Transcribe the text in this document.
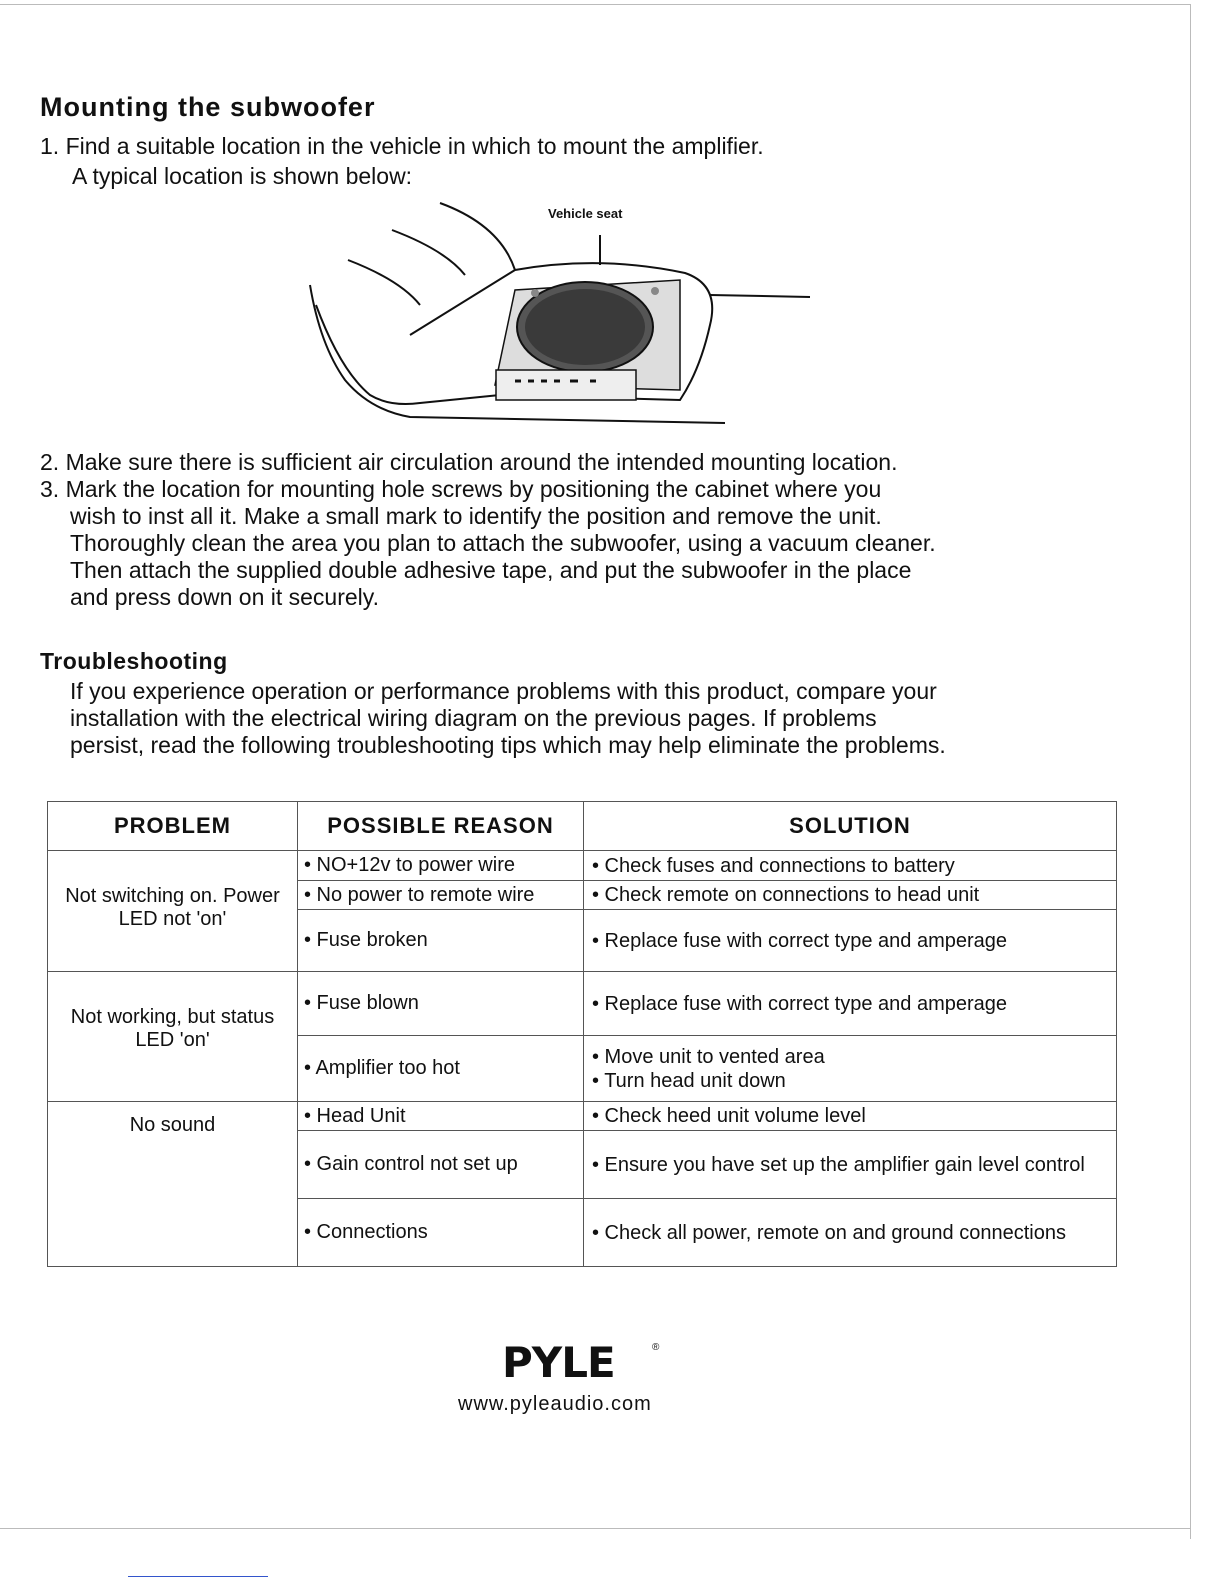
Mounting the subwoofer
1. Find a suitable location in the vehicle in which to mount the amplifier.
A typical location is shown below:
Vehicle seat
2. Make sure there is sufficient air circulation around the intended mounting location.
3. Mark the location for mounting hole screws by positioning the cabinet where you
wish to inst all it. Make a small mark to identify the position and remove the unit.
Thoroughly clean the area you plan to attach the subwoofer, using a vacuum cleaner.
Then attach the supplied double adhesive tape, and put the subwoofer in the place
and press down on it securely.
Troubleshooting
If you experience operation or performance problems with this product, compare your
installation with the electrical wiring diagram on the previous pages. If problems
persist, read the following troubleshooting tips which may help eliminate the problems.
PROBLEM	POSSIBLE REASON	SOLUTION
Not switching on. Power LED not 'on'	• NO+12v to power wire	• Check fuses and connections to battery
	• No power to remote wire	• Check remote on connections to head unit
	• Fuse broken	• Replace fuse with correct type and amperage
Not working, but status LED 'on'	• Fuse blown	• Replace fuse with correct type and amperage
	• Amplifier too hot	• Move unit to vented area
• Turn head unit down

No sound	• Head Unit	• Check heed unit volume level
	• Gain control not set up	• Ensure you have set up the amplifier gain level control
	• Connections	• Check all power, remote on and ground connections
PYLE	®
www.pyleaudio.com
